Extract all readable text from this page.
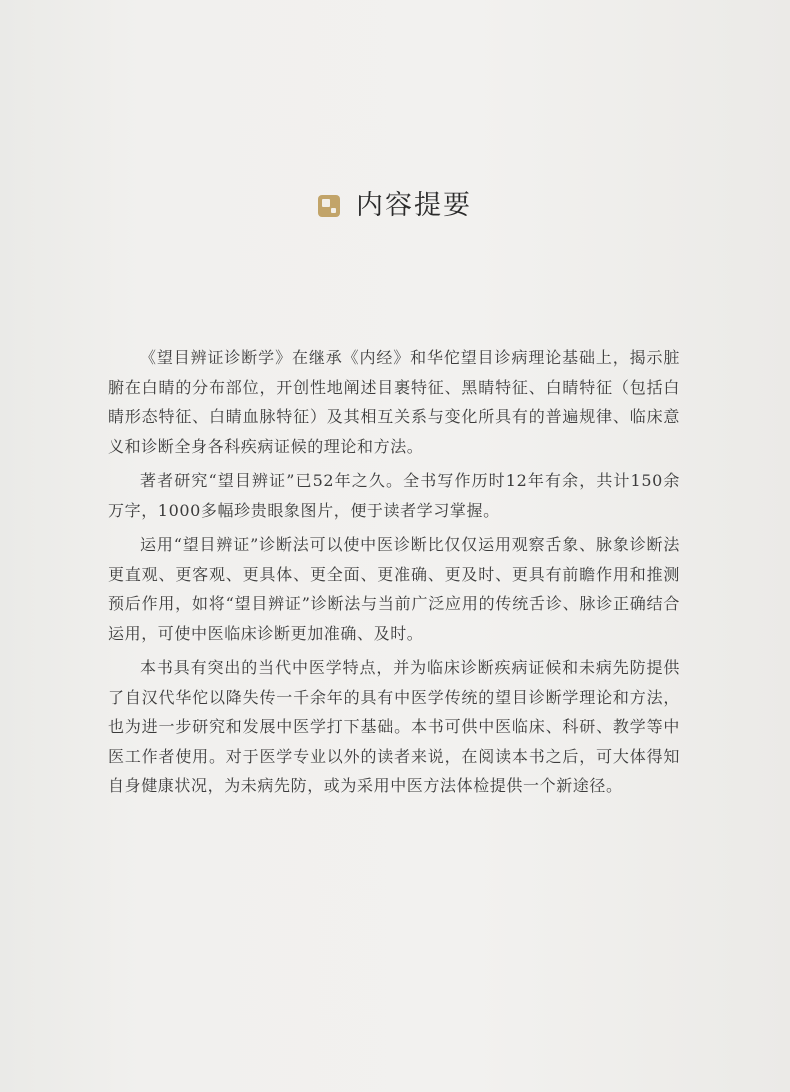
内容提要

《望目辨证诊断学》在继承《内经》和华佗望目诊病理论基础上，揭示脏腑在白睛的分布部位，开创性地阐述目裹特征、黑睛特征、白睛特征（包括白睛形态特征、白睛血脉特征）及其相互关系与变化所具有的普遍规律、临床意义和诊断全身各科疾病证候的理论和方法。

著者研究“望目辨证”已52年之久。全书写作历时12年有余，共计150余万字，1000多幅珍贵眼象图片，便于读者学习掌握。

运用“望目辨证”诊断法可以使中医诊断比仅仅运用观察舌象、脉象诊断法更直观、更客观、更具体、更全面、更准确、更及时、更具有前瞻作用和推测预后作用，如将“望目辨证”诊断法与当前广泛应用的传统舌诊、脉诊正确结合运用，可使中医临床诊断更加准确、及时。

本书具有突出的当代中医学特点，并为临床诊断疾病证候和未病先防提供了自汉代华佗以降失传一千余年的具有中医学传统的望目诊断学理论和方法，也为进一步研究和发展中医学打下基础。本书可供中医临床、科研、教学等中医工作者使用。对于医学专业以外的读者来说，在阅读本书之后，可大体得知自身健康状况，为未病先防，或为采用中医方法体检提供一个新途径。
